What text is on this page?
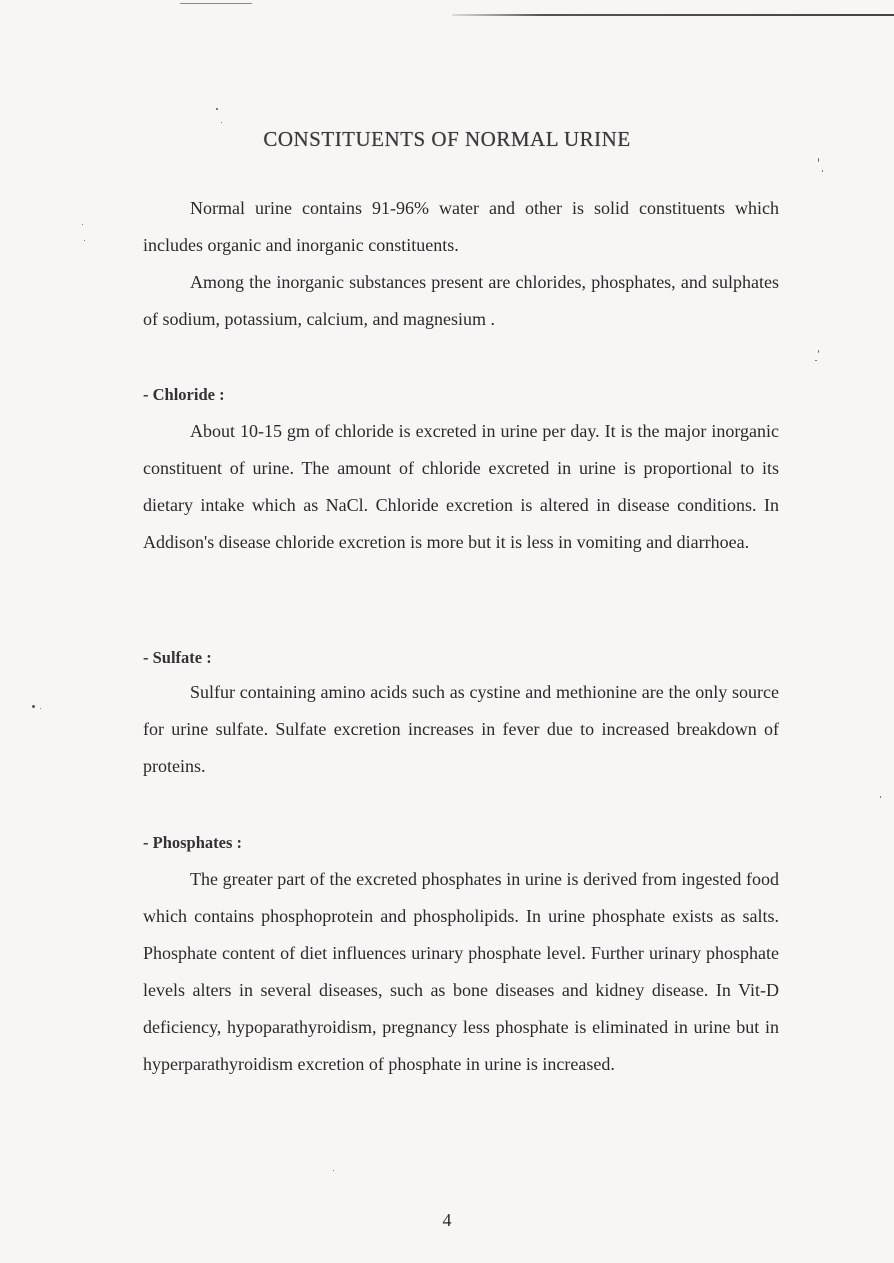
CONSTITUENTS OF NORMAL URINE

Normal urine contains 91-96% water and other is solid constituents which includes organic and inorganic constituents.

Among the inorganic substances present are chlorides, phosphates, and sulphates of sodium, potassium, calcium, and magnesium .

- Chloride :

About 10-15 gm of chloride is excreted in urine per day. It is the major inorganic constituent of urine. The amount of chloride excreted in urine is proportional to its dietary intake which as NaCl. Chloride excretion is altered in disease conditions. In Addison's disease chloride excretion is more but it is less in vomiting and diarrhoea.

- Sulfate :

Sulfur containing amino acids such as cystine and methionine are the only source for urine sulfate. Sulfate excretion increases in fever due to increased breakdown of proteins.

- Phosphates :

The greater part of the excreted phosphates in urine is derived from ingested food which contains phosphoprotein and phospholipids. In urine phosphate exists as salts. Phosphate content of diet influences urinary phosphate level. Further urinary phosphate levels alters in several diseases, such as bone diseases and kidney disease. In Vit-D deficiency, hypoparathyroidism, pregnancy less phosphate is eliminated in urine but in hyperparathyroidism excretion of phosphate in urine is increased.

4
